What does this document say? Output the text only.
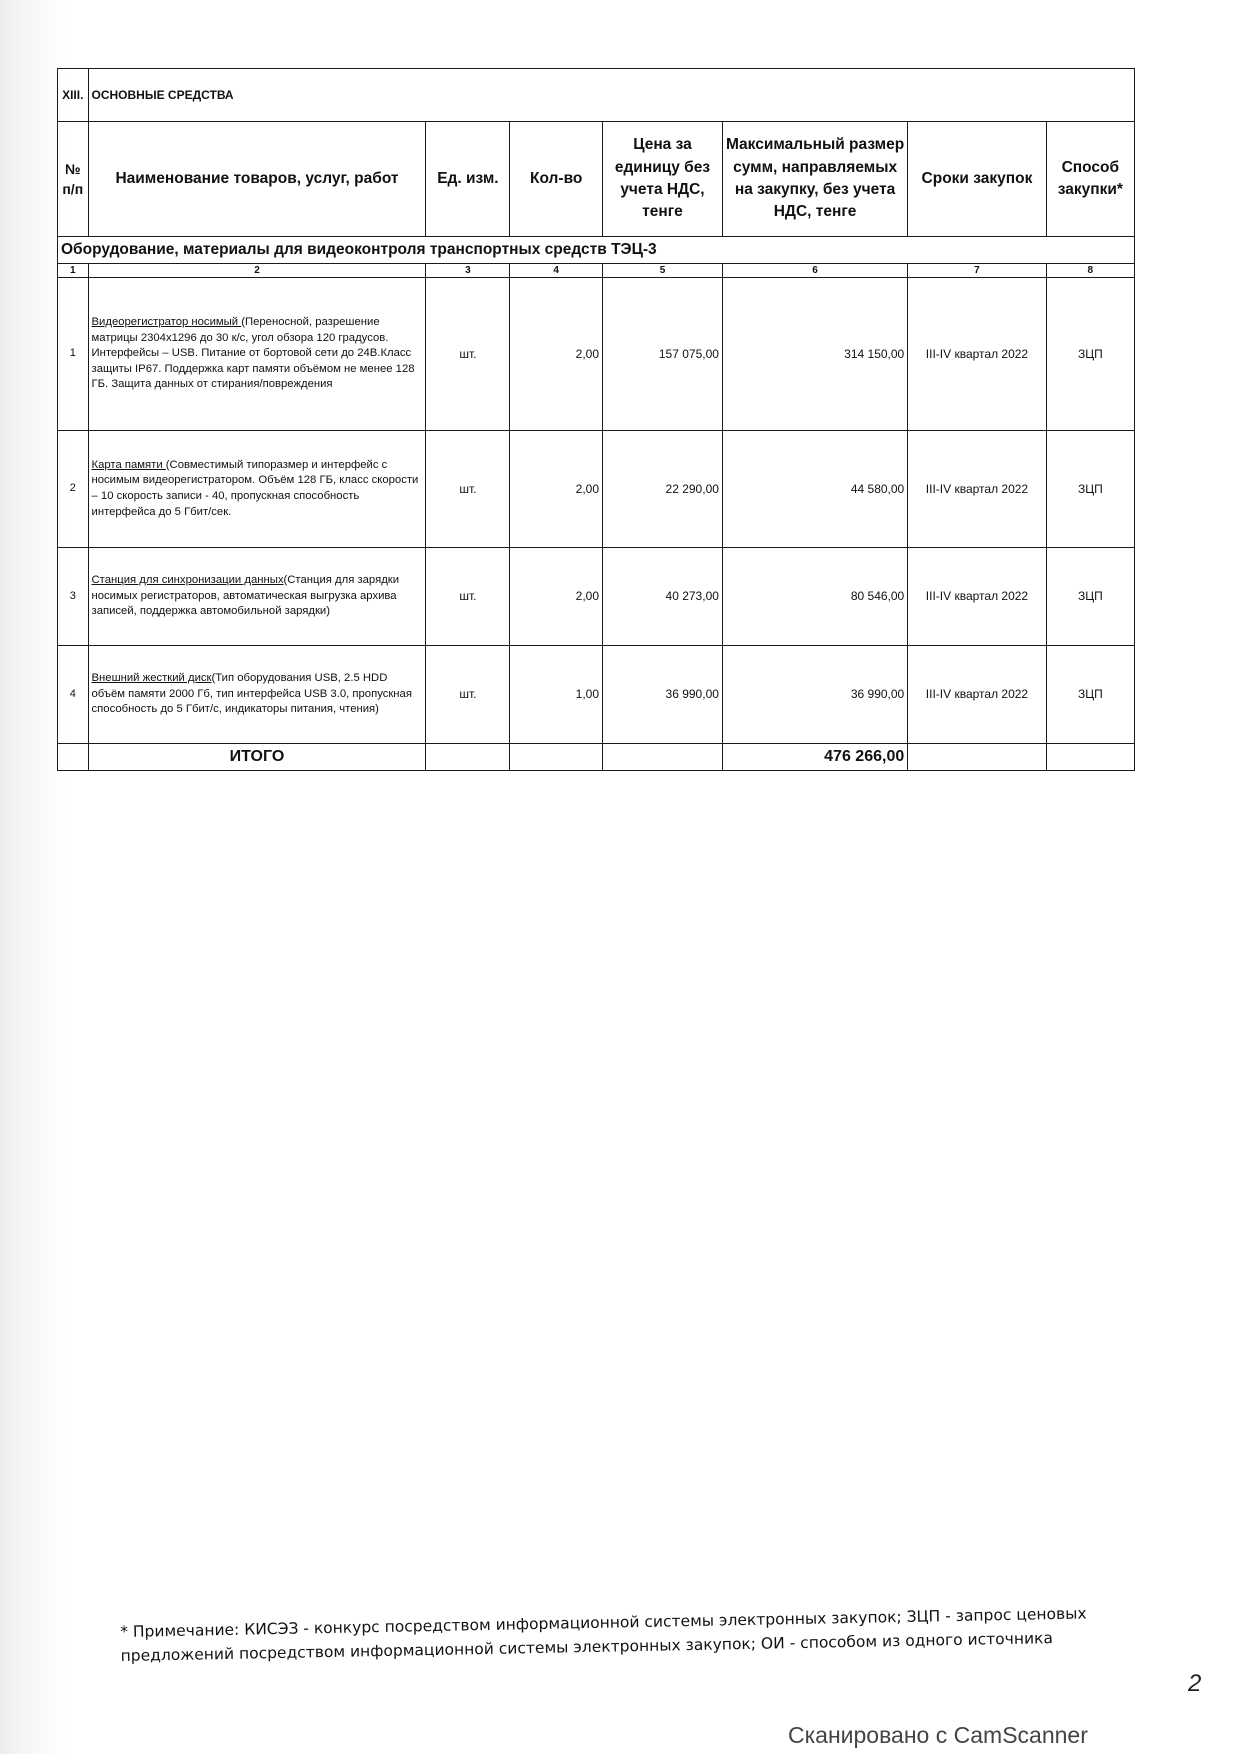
XIII.	ОСНОВНЫЕ СРЕДСТВА						
№ п/п	Наименование товаров, услуг, работ	Ед. изм.	Кол-во	Цена за единицу без учета НДС, тенге	Максимальный размер сумм, направляемых на закупку, без учета НДС, тенге	Сроки закупок	Способ закупки*
Оборудование, материалы для видеоконтроля транспортных средств ТЭЦ-3							
1	2	3	4	5	6	7	8
1	Видеорегистратор носимый (Переносной, разрешение матрицы 2304x1296 до 30 к/с, угол обзора 120 градусов. Интерфейсы – USB. Питание от бортовой сети до 24В.Класс защиты IP67. Поддержка карт памяти объёмом не менее 128 ГБ. Защита данных от стирания/повреждения	шт.	2,00	157 075,00	314 150,00	III-IV квартал 2022	ЗЦП
2	Карта памяти (Совместимый типоразмер и интерфейс с носимым видеорегистратором. Объём 128 ГБ, класс скорости – 10 скорость записи - 40, пропускная способность интерфейса до 5 Гбит/сек.	шт.	2,00	22 290,00	44 580,00	III-IV квартал 2022	ЗЦП
3	Станция для синхронизации данных(Станция для зарядки носимых регистраторов, автоматическая выгрузка архива записей, поддержка автомобильной зарядки)	шт.	2,00	40 273,00	80 546,00	III-IV квартал 2022	ЗЦП
4	Внешний жесткий диск(Тип оборудования USB, 2.5 HDD объём памяти 2000 Гб, тип интерфейса USB 3.0, пропускная способность до 5 Гбит/с, индикаторы питания, чтения)	шт.	1,00	36 990,00	36 990,00	III-IV квартал 2022	ЗЦП
	ИТОГО				476 266,00		
* Примечание: КИСЭЗ - конкурс посредством информационной системы электронных закупок; ЗЦП - запрос ценовых предложений посредством информационной системы электронных закупок; ОИ - способом из одного источника
2
Сканировано с CamScanner
